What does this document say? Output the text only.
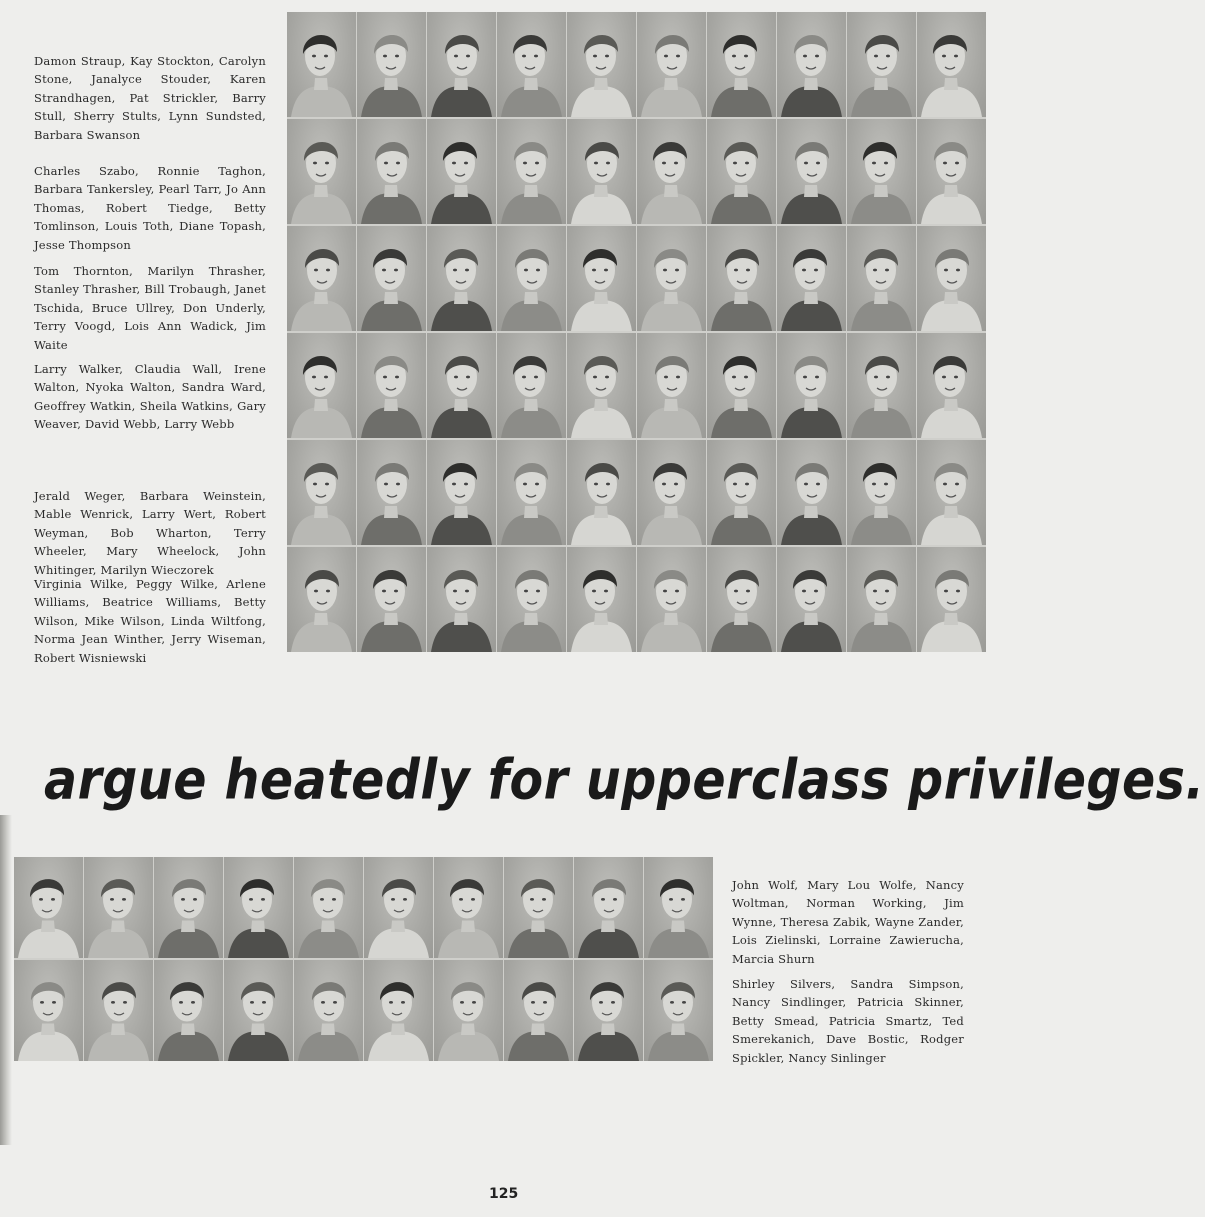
Damon Straup, Kay Stockton, Carolyn Stone, Janalyce Stouder, Karen Strandhagen, Pat Strickler, Barry Stull, Sherry Stults, Lynn Sundsted, Barbara Swanson
Charles Szabo, Ronnie Taghon, Barbara Tankersley, Pearl Tarr, Jo Ann Thomas, Robert Tiedge, Betty Tomlinson, Louis Toth, Diane Topash, Jesse Thompson
Tom Thornton, Marilyn Thrasher, Stanley Thrasher, Bill Trobaugh, Janet Tschida, Bruce Ullrey, Don Underly, Terry Voogd, Lois Ann Wadick, Jim Waite
Larry Walker, Claudia Wall, Irene Walton, Nyoka Walton, Sandra Ward, Geoffrey Watkin, Sheila Watkins, Gary Weaver, David Webb, Larry Webb
Jerald Weger, Barbara Weinstein, Mable Wenrick, Larry Wert, Robert Weyman, Bob Wharton, Terry Wheeler, Mary Wheelock, John Whitinger, Marilyn Wieczorek
Virginia Wilke, Peggy Wilke, Arlene Williams, Beatrice Williams, Betty Wilson, Mike Wilson, Linda Wiltfong, Norma Jean Winther, Jerry Wiseman, Robert Wisniewski
argue heatedly for upperclass privileges.
John Wolf, Mary Lou Wolfe, Nancy Woltman, Norman Working, Jim Wynne, Theresa Zabik, Wayne Zander, Lois Zielinski, Lorraine Zawierucha, Marcia Shurn
Shirley Silvers, Sandra Simpson, Nancy Sindlinger, Patricia Skinner, Betty Smead, Patricia Smartz, Ted Smerekanich, Dave Bostic, Rodger Spickler, Nancy Sinlinger
125
